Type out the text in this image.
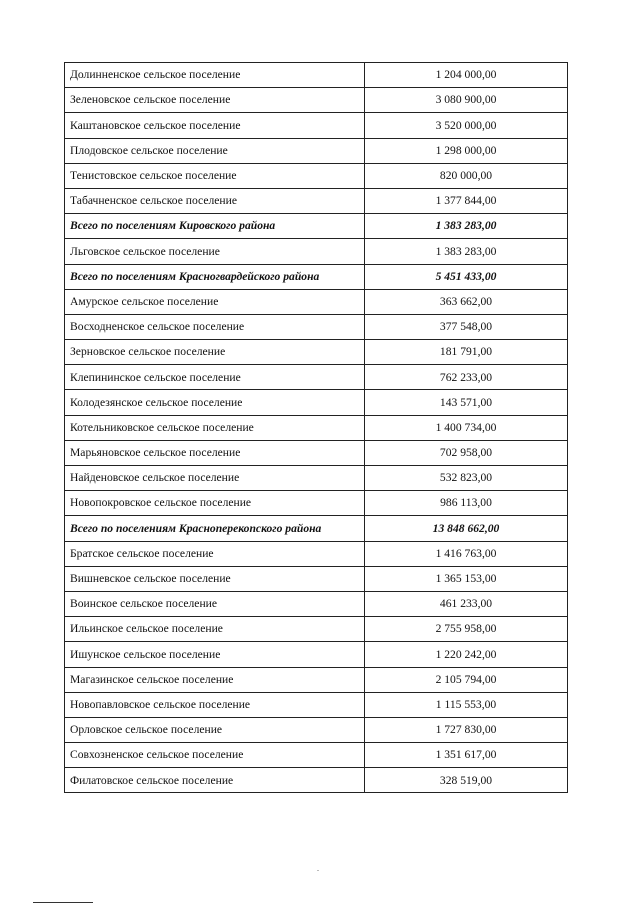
Долинненское сельское поселение	1 204 000,00
Зеленовское сельское поселение	3 080 900,00
Каштановское сельское поселение	3 520 000,00
Плодовское сельское поселение	1 298 000,00
Тенистовское сельское поселение	820 000,00
Табачненское сельское поселение	1 377 844,00
Всего по поселениям Кировского района	1 383 283,00
Льговское сельское поселение	1 383 283,00
Всего по поселениям Красногвардейского района	5 451 433,00
Амурское сельское поселение	363 662,00
Восходненское сельское поселение	377 548,00
Зерновское сельское поселение	181 791,00
Клепининское сельское поселение	762 233,00
Колодезянское сельское поселение	143 571,00
Котельниковское сельское поселение	1 400 734,00
Марьяновское сельское поселение	702 958,00
Найденовское сельское поселение	532 823,00
Новопокровское сельское поселение	986 113,00
Всего по поселениям Красноперекопского района	13 848 662,00
Братское сельское поселение	1 416 763,00
Вишневское сельское поселение	1 365 153,00
Воинское сельское поселение	461 233,00
Ильинское сельское поселение	2 755 958,00
Ишунское сельское поселение	1 220 242,00
Магазинское сельское поселение	2 105 794,00
Новопавловское сельское поселение	1 115 553,00
Орловское сельское поселение	1 727 830,00
Совхозненское сельское поселение	1 351 617,00
Филатовское сельское поселение	328 519,00
